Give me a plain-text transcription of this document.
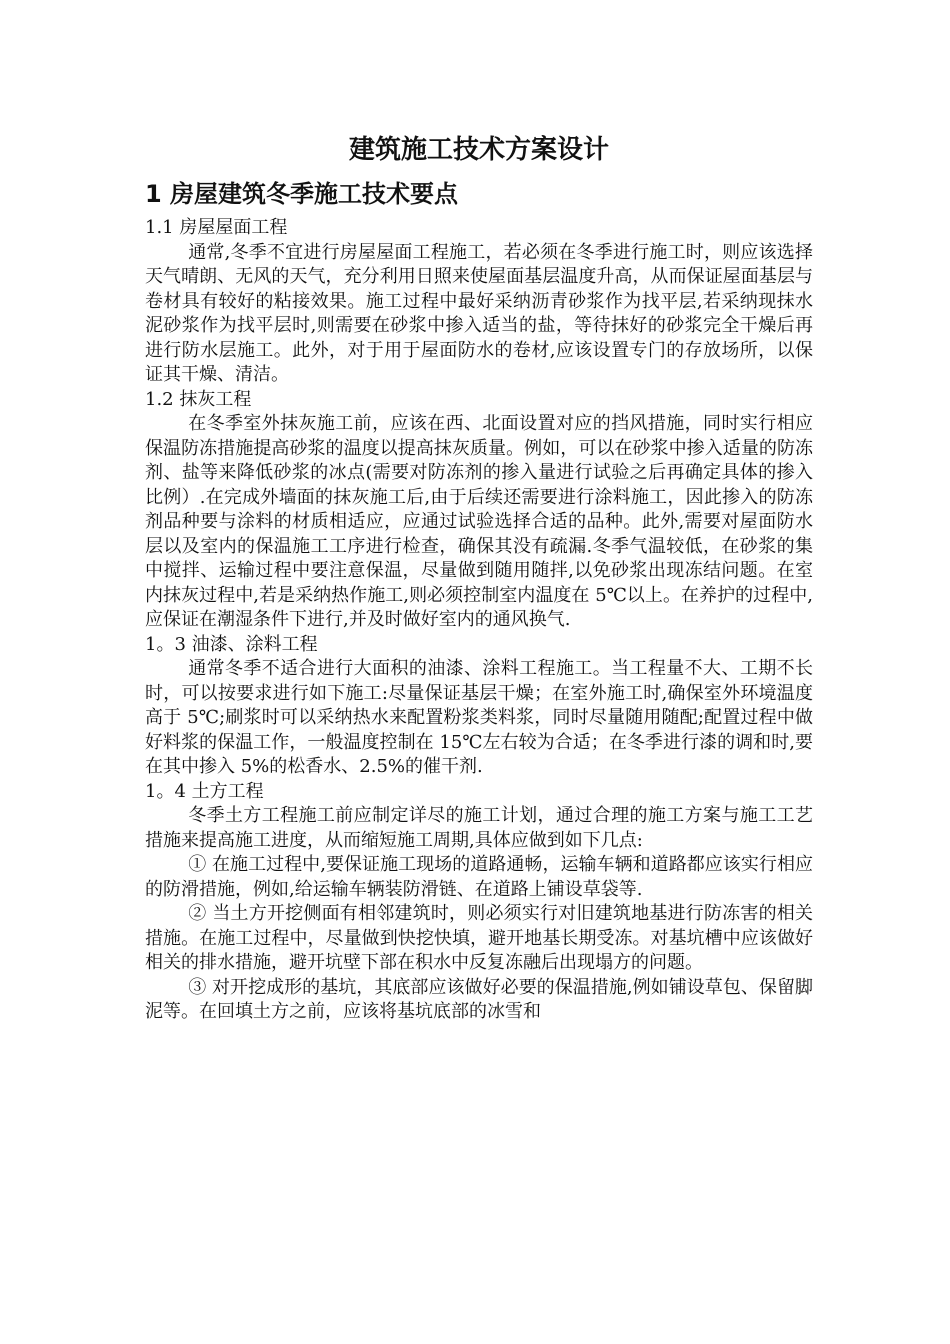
建筑施工技术方案设计
1 房屋建筑冬季施工技术要点

1.1 房屋屋面工程

通常,冬季不宜进行房屋屋面工程施工，若必须在冬季进行施工时，则应该选择天气晴朗、无风的天气，充分利用日照来使屋面基层温度升高，从而保证屋面基层与卷材具有较好的粘接效果。施工过程中最好采纳沥青砂浆作为找平层,若采纳现抹水泥砂浆作为找平层时,则需要在砂浆中掺入适当的盐，等待抹好的砂浆完全干燥后再进行防水层施工。此外，对于用于屋面防水的卷材,应该设置专门的存放场所，以保证其干燥、清洁。

1.2 抹灰工程

在冬季室外抹灰施工前，应该在西、北面设置对应的挡风措施，同时实行相应保温防冻措施提高砂浆的温度以提高抹灰质量。例如，可以在砂浆中掺入适量的防冻剂、盐等来降低砂浆的冰点(需要对防冻剂的掺入量进行试验之后再确定具体的掺入比例）.在完成外墙面的抹灰施工后,由于后续还需要进行涂料施工，因此掺入的防冻剂品种要与涂料的材质相适应，应通过试验选择合适的品种。此外,需要对屋面防水层以及室内的保温施工工序进行检查，确保其没有疏漏.冬季气温较低，在砂浆的集中搅拌、运输过程中要注意保温，尽量做到随用随拌,以免砂浆出现冻结问题。在室内抹灰过程中,若是采纳热作施工,则必须控制室内温度在 5℃以上。在养护的过程中,应保证在潮湿条件下进行,并及时做好室内的通风换气.

1。3 油漆、涂料工程

通常冬季不适合进行大面积的油漆、涂料工程施工。当工程量不大、工期不长时，可以按要求进行如下施工:尽量保证基层干燥；在室外施工时,确保室外环境温度高于 5℃;刷浆时可以采纳热水来配置粉浆类料浆，同时尽量随用随配;配置过程中做好料浆的保温工作，一般温度控制在 15℃左右较为合适；在冬季进行漆的调和时,要在其中掺入 5%的松香水、2.5%的催干剂.

1。4 土方工程

冬季土方工程施工前应制定详尽的施工计划，通过合理的施工方案与施工工艺措施来提高施工进度，从而缩短施工周期,具体应做到如下几点:

① 在施工过程中,要保证施工现场的道路通畅，运输车辆和道路都应该实行相应的防滑措施，例如,给运输车辆装防滑链、在道路上铺设草袋等.

② 当土方开挖侧面有相邻建筑时，则必须实行对旧建筑地基进行防冻害的相关措施。在施工过程中，尽量做到快挖快填，避开地基长期受冻。对基坑槽中应该做好相关的排水措施，避开坑壁下部在积水中反复冻融后出现塌方的问题。

③ 对开挖成形的基坑，其底部应该做好必要的保温措施,例如铺设草包、保留脚泥等。在回填土方之前，应该将基坑底部的冰雪和
